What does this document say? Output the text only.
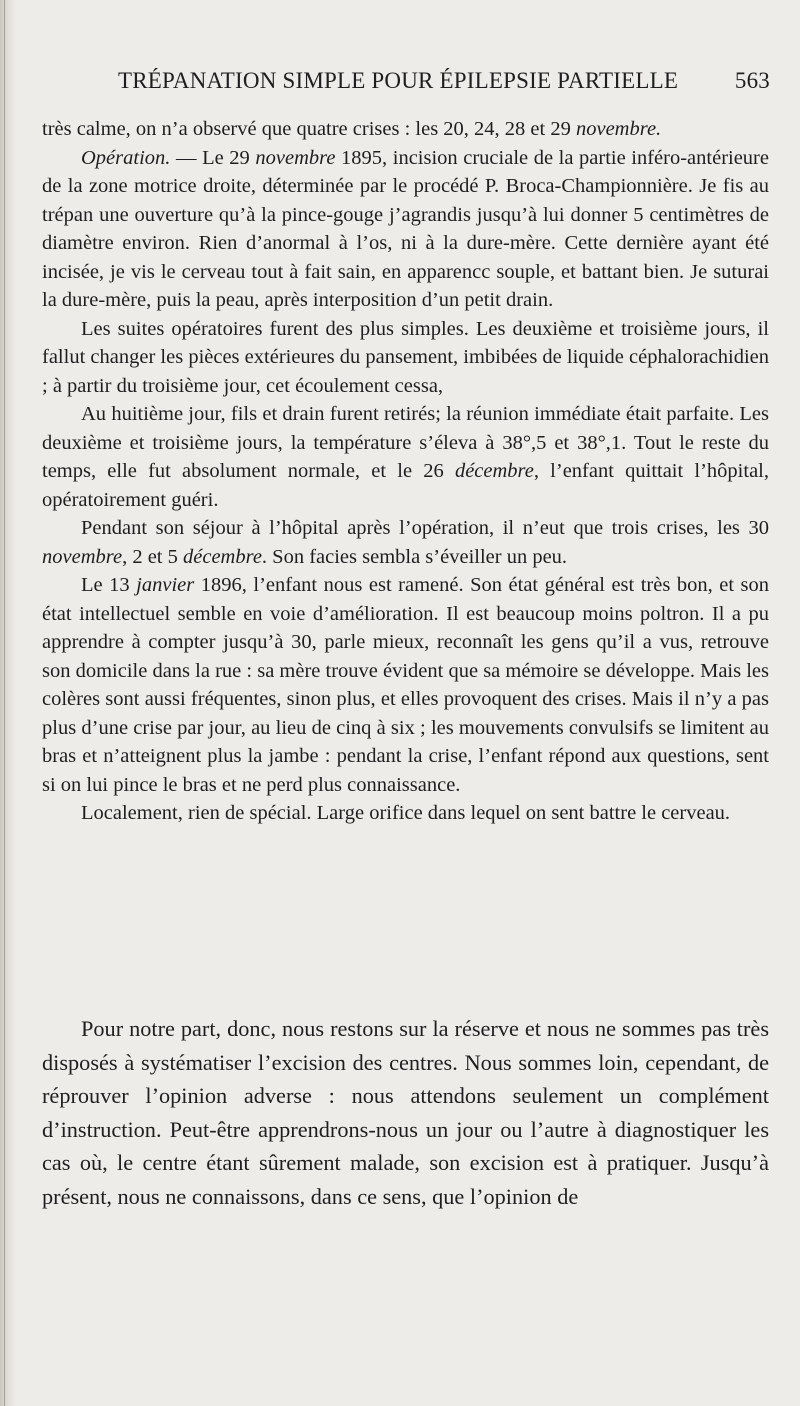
TRÉPANATION SIMPLE POUR ÉPILEPSIE PARTIELLE 563

très calme, on n’a observé que quatre crises : les 20, 24, 28 et 29 novembre.

Opération. — Le 29 novembre 1895, incision cruciale de la partie inféro-antérieure de la zone motrice droite, déterminée par le procédé P. Broca-Championnière. Je fis au trépan une ouverture qu’à la pince-gouge j’agrandis jusqu’à lui donner 5 centimètres de diamètre environ. Rien d’anormal à l’os, ni à la dure-mère. Cette dernière ayant été incisée, je vis le cerveau tout à fait sain, en apparencc souple, et battant bien. Je suturai la dure-mère, puis la peau, après interposition d’un petit drain.

Les suites opératoires furent des plus simples. Les deuxième et troisième jours, il fallut changer les pièces extérieures du pansement, imbibées de liquide céphalorachidien ; à partir du troisième jour, cet écoulement cessa,

Au huitième jour, fils et drain furent retirés; la réunion immédiate était parfaite. Les deuxième et troisième jours, la température s’éleva à 38°,5 et 38°,1. Tout le reste du temps, elle fut absolument normale, et le 26 décembre, l’enfant quittait l’hôpital, opératoirement guéri.

Pendant son séjour à l’hôpital après l’opération, il n’eut que trois crises, les 30 novembre, 2 et 5 décembre. Son facies sembla s’éveiller un peu.

Le 13 janvier 1896, l’enfant nous est ramené. Son état général est très bon, et son état intellectuel semble en voie d’amélioration. Il est beaucoup moins poltron. Il a pu apprendre à compter jusqu’à 30, parle mieux, reconnaît les gens qu’il a vus, retrouve son domicile dans la rue : sa mère trouve évident que sa mémoire se développe. Mais les colères sont aussi fréquentes, sinon plus, et elles provoquent des crises. Mais il n’y a pas plus d’une crise par jour, au lieu de cinq à six ; les mouvements convulsifs se limitent au bras et n’atteignent plus la jambe : pendant la crise, l’enfant répond aux questions, sent si on lui pince le bras et ne perd plus connaissance.

Localement, rien de spécial. Large orifice dans lequel on sent battre le cerveau.

Pour notre part, donc, nous restons sur la réserve et nous ne sommes pas très disposés à systématiser l’excision des centres. Nous sommes loin, cependant, de réprouver l’opinion adverse : nous attendons seulement un complément d’instruction. Peut-être apprendrons-nous un jour ou l’autre à diagnostiquer les cas où, le centre étant sûrement malade, son excision est à pratiquer. Jusqu’à présent, nous ne connaissons, dans ce sens, que l’opinion de
